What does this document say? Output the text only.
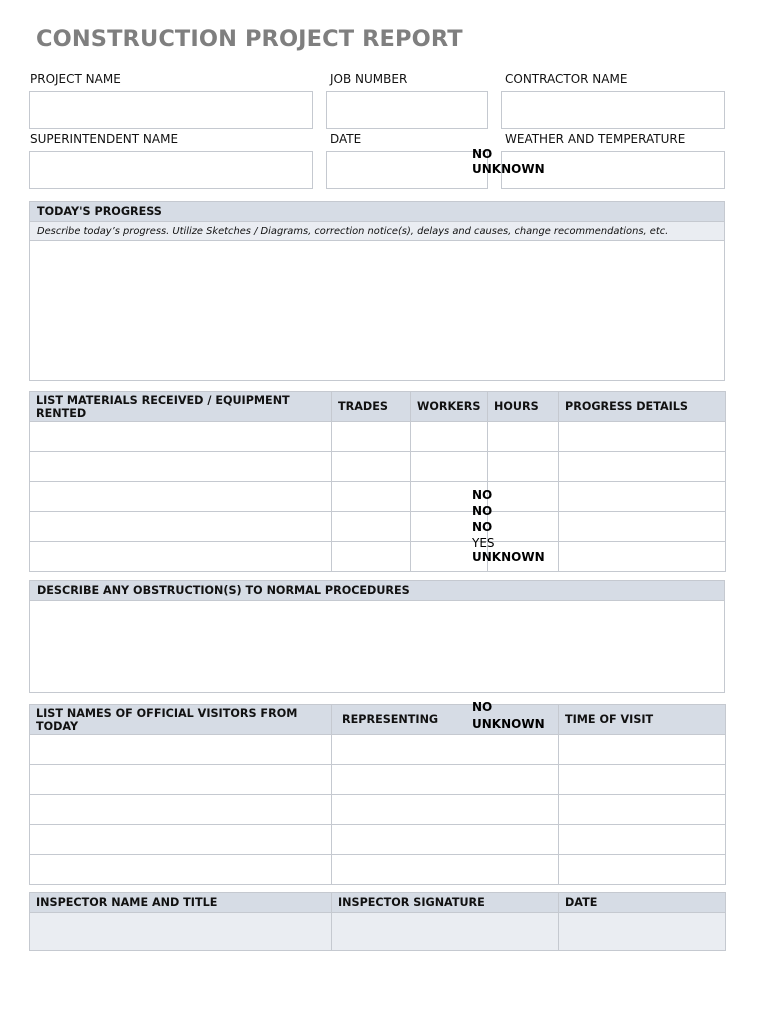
CONSTRUCTION PROJECT REPORT
PROJECT NAME	JOB NUMBER	CONTRACTOR NAME
SUPERINTENDENT NAME	DATE	WEATHER AND TEMPERATURE
NO
UNKNOWN
TODAY'S PROGRESS
Describe today’s progress. Utilize Sketches / Diagrams, correction notice(s), delays and causes, change recommendations, etc.
LIST MATERIALS RECEIVED / EQUIPMENT RENTED	TRADES	WORKERS	HOURS	PROGRESS DETAILS

NO
NO
NO
YES
UNKNOWN
DESCRIBE ANY OBSTRUCTION(S) TO NORMAL PROCEDURES
LIST NAMES OF OFFICIAL VISITORS FROM TODAY	REPRESENTING	TIME OF VISIT

NO
UNKNOWN
INSPECTOR NAME AND TITLE	INSPECTOR SIGNATURE	DATE
